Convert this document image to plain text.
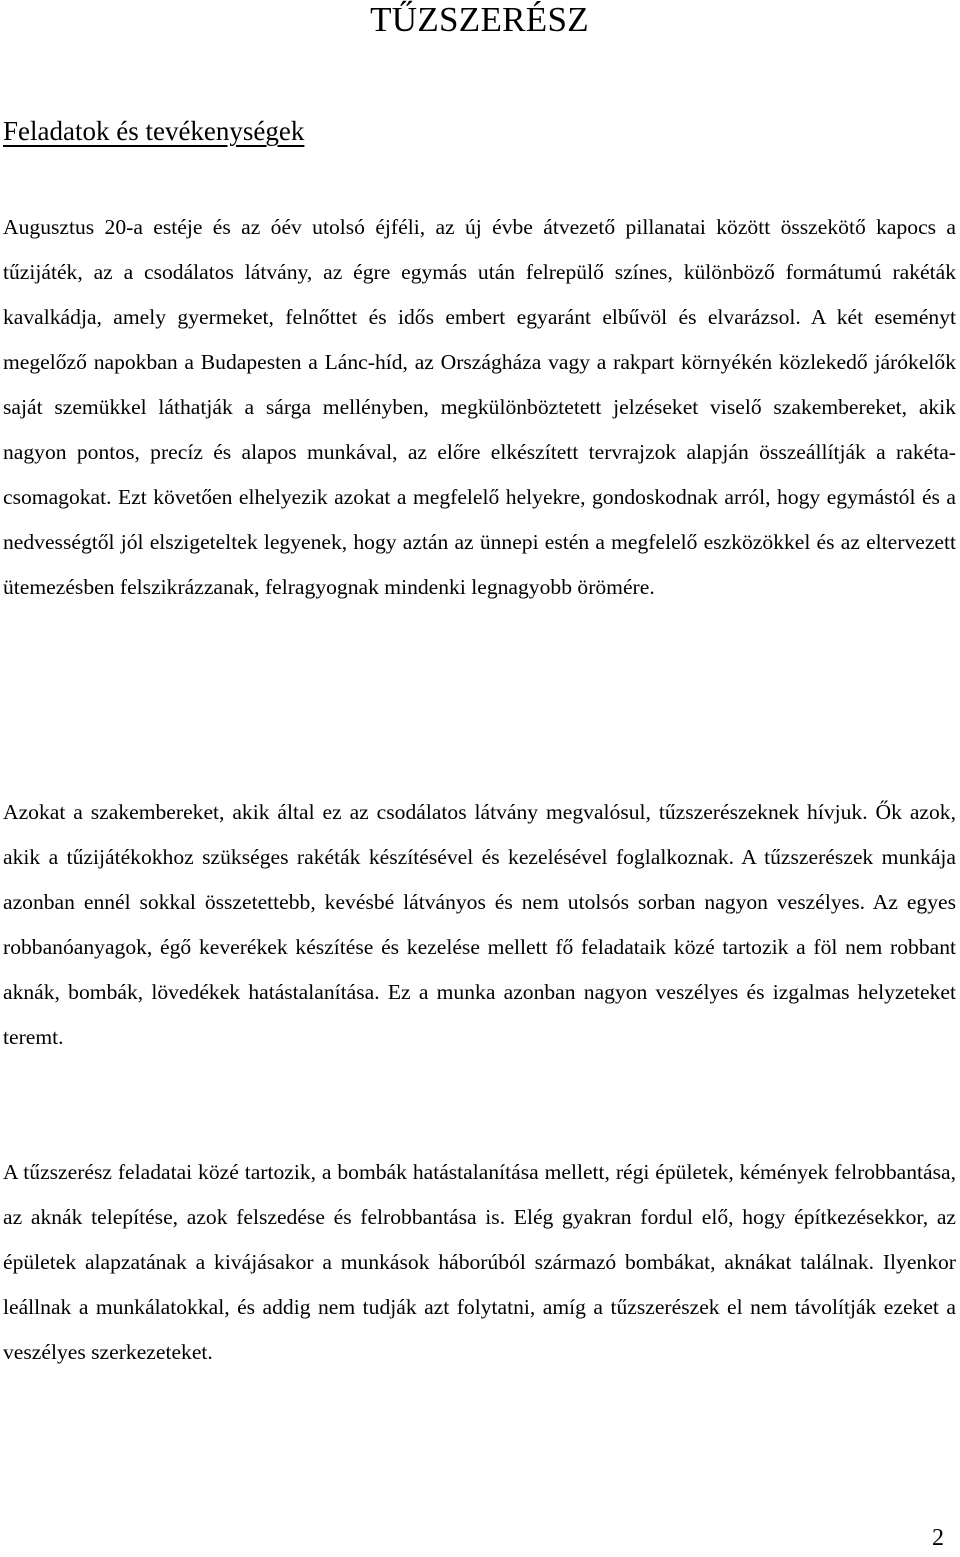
TŰZSZERÉSZ
Feladatok és tevékenységek

Augusztus 20-a estéje és az óév utolsó éjféli, az új évbe átvezető pillanatai között összekötő kapocs a tűzijáték, az a csodálatos látvány, az égre egymás után felrepülő színes, különböző formátumú rakéták kavalkádja, amely gyermeket, felnőttet és idős embert egyaránt elbűvöl és elvarázsol. A két eseményt megelőző napokban a Budapesten a Lánc-híd, az Országháza vagy a rakpart környékén közlekedő járókelők saját szemükkel láthatják a sárga mellényben, megkülönböztetett jelzéseket viselő szakembereket, akik nagyon pontos, precíz és alapos munkával, az előre elkészített tervrajzok alapján összeállítják a rakéta-csomagokat. Ezt követően elhelyezik azokat a megfelelő helyekre, gondoskodnak arról, hogy egymástól és a nedvességtől jól elszigeteltek legyenek, hogy aztán az ünnepi estén a megfelelő eszközökkel és az eltervezett ütemezésben felszikrázzanak, felragyognak mindenki legnagyobb örömére.

Azokat a szakembereket, akik által ez az csodálatos látvány megvalósul, tűzszerészeknek hívjuk. Ők azok, akik a tűzijátékokhoz szükséges rakéták készítésével és kezelésével foglalkoznak. A tűzszerészek munkája azonban ennél sokkal összetettebb, kevésbé látványos és nem utolsós sorban nagyon veszélyes. Az egyes robbanóanyagok, égő keverékek készítése és kezelése mellett fő feladataik közé tartozik a föl nem robbant aknák, bombák, lövedékek hatástalanítása. Ez a munka azonban nagyon veszélyes és izgalmas helyzeteket teremt.

A tűzszerész feladatai közé tartozik, a bombák hatástalanítása mellett, régi épületek, kémények felrobbantása, az aknák telepítése, azok felszedése és felrobbantása is. Elég gyakran fordul elő, hogy építkezésekkor, az épületek alapzatának a kivájásakor a munkások háborúból származó bombákat, aknákat találnak. Ilyenkor leállnak a munkálatokkal, és addig nem tudják azt folytatni, amíg a tűzszerészek el nem távolítják ezeket a veszélyes szerkezeteket.

2
